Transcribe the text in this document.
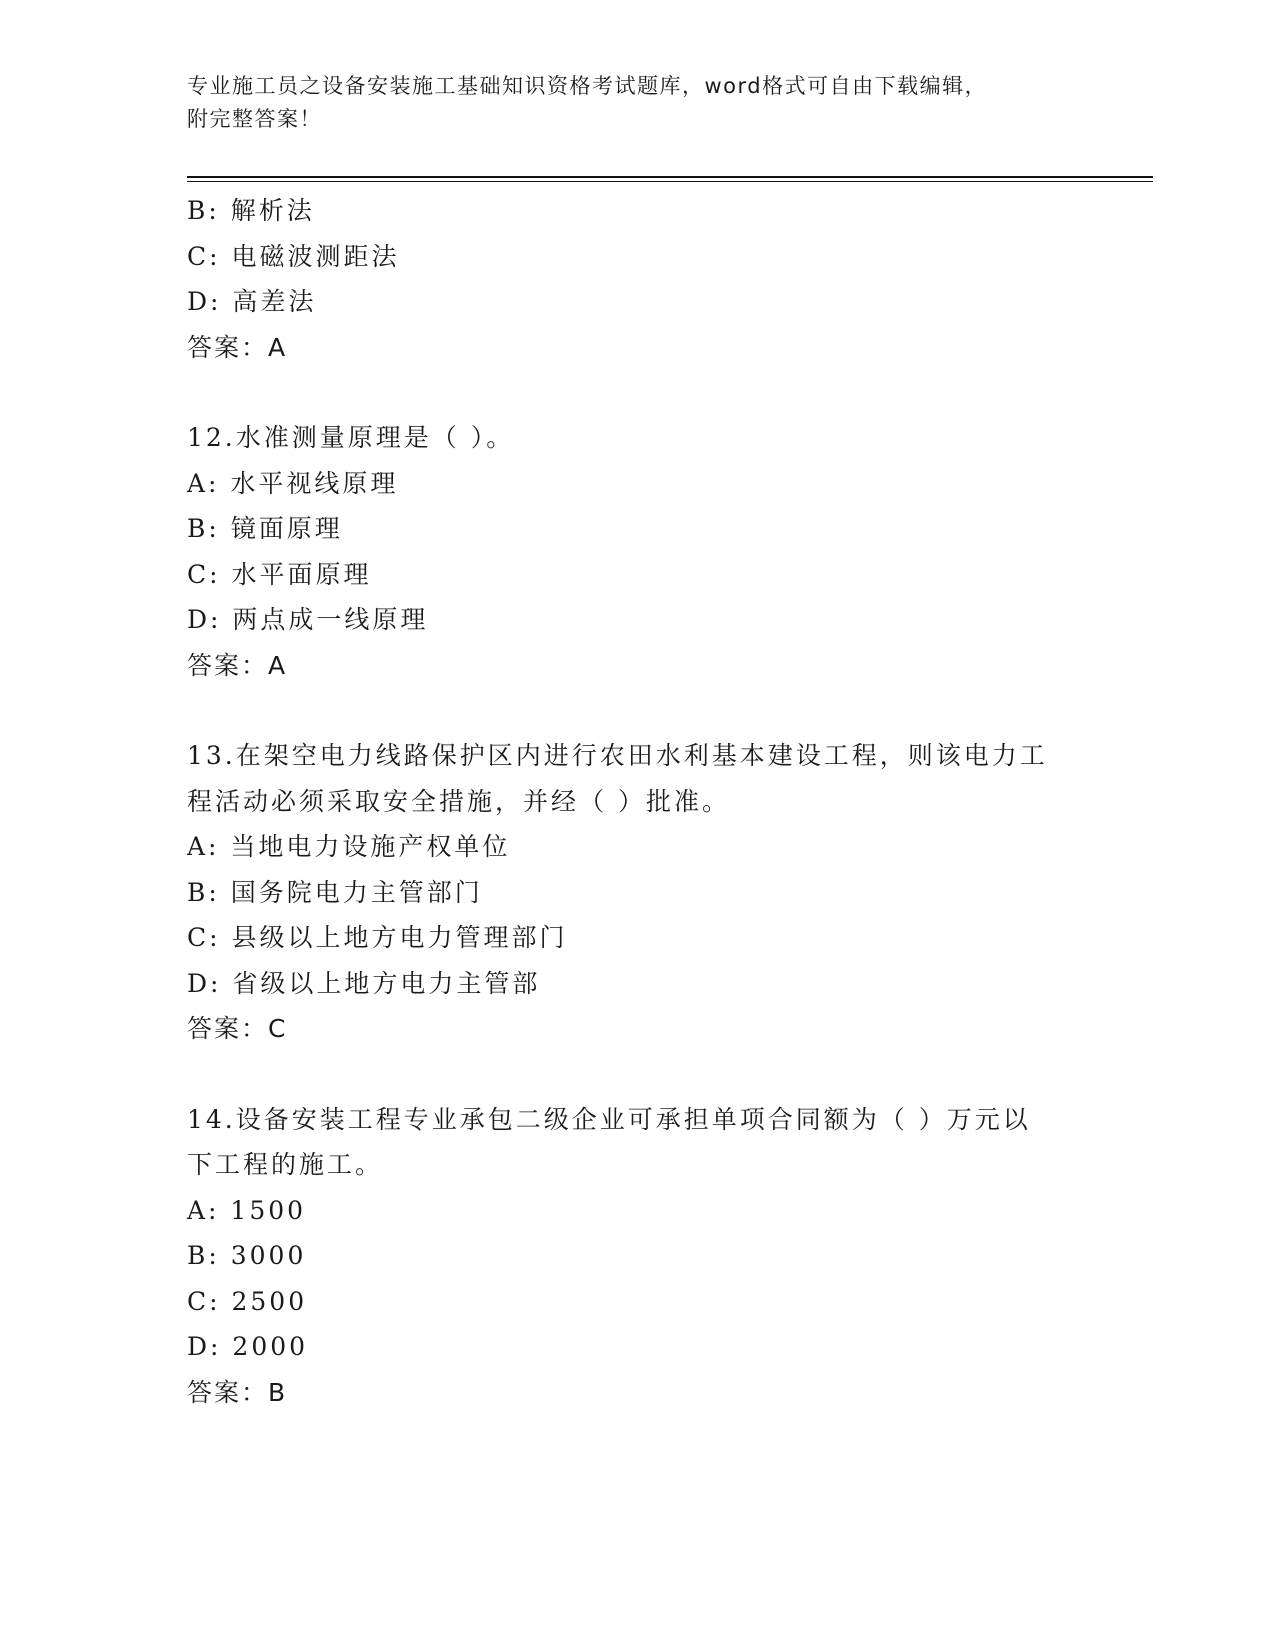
专业施工员之设备安装施工基础知识资格考试题库，word格式可自由下载编辑，
附完整答案！
B: 解析法
C: 电磁波测距法
D: 高差法
答案：A
12.水准测量原理是（ ）。
A: 水平视线原理
B: 镜面原理
C: 水平面原理
D: 两点成一线原理
答案：A
13.在架空电力线路保护区内进行农田水利基本建设工程，则该电力工
程活动必须采取安全措施，并经（ ）批准。
A: 当地电力设施产权单位
B: 国务院电力主管部门
C: 县级以上地方电力管理部门
D: 省级以上地方电力主管部
答案：C
14.设备安装工程专业承包二级企业可承担单项合同额为（ ）万元以
下工程的施工。
A: 1500
B: 3000
C: 2500
D: 2000
答案：B
